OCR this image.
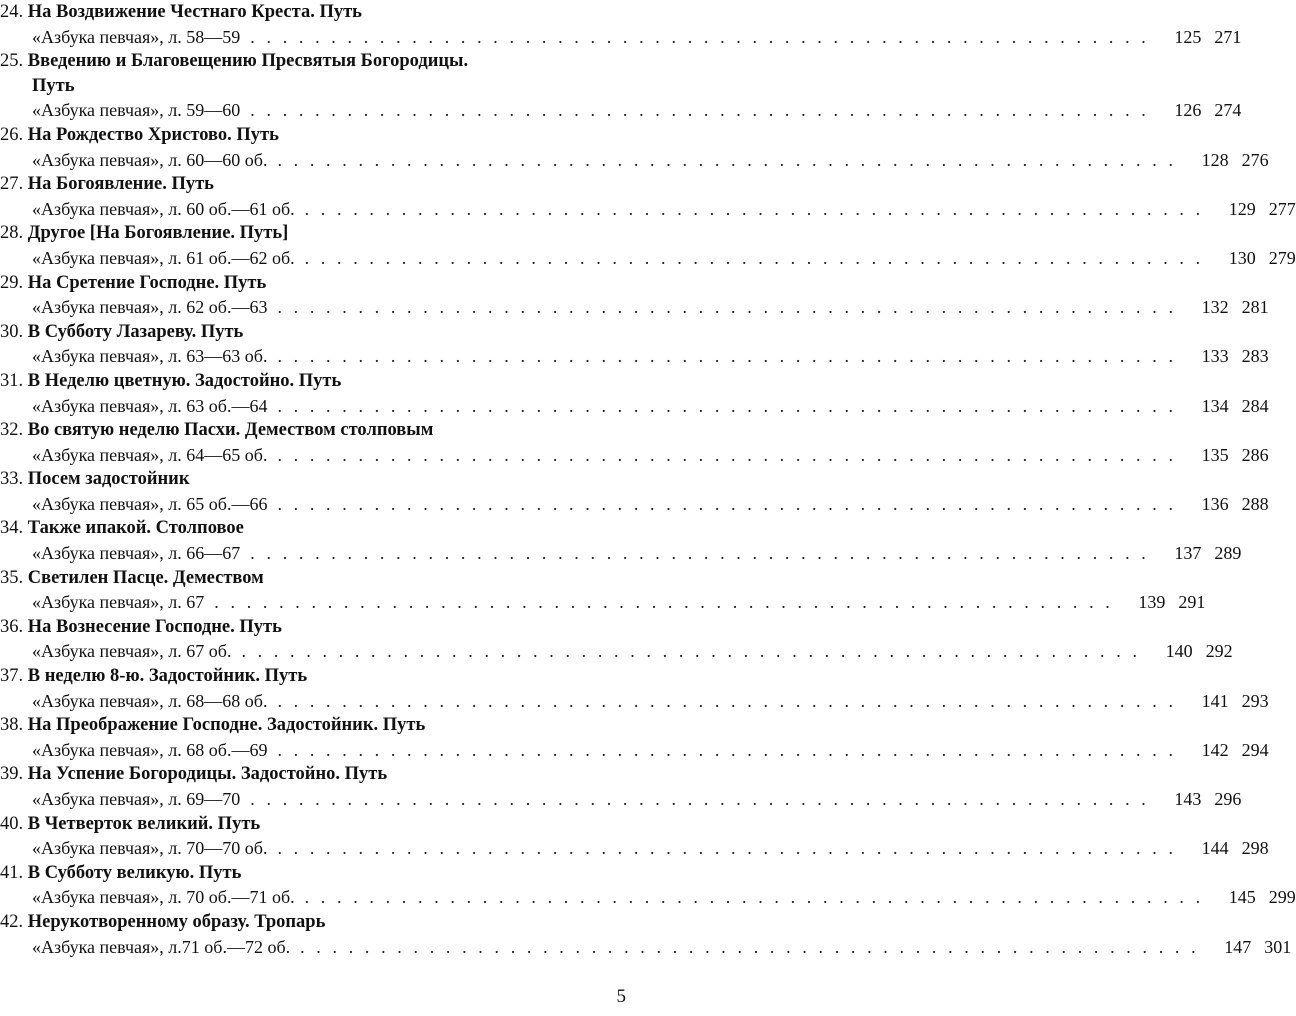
24.
На Воздвижение Честнаго Креста. Путь
«Азбука певчая», л. 58—59 . . . . . . . . . . . . . . . . . . . . . . . . . . . . . . . . . . . . . . . . . . . . . . . . . . . . . . . .	125 271
25.
Введению и Благовещению Пресвятыя Богородицы.
Путь
«Азбука певчая», л. 59—60 . . . . . . . . . . . . . . . . . . . . . . . . . . . . . . . . . . . . . . . . . . . . . . . . . . . . . . . .	126 274
26.
На Рождество Христово. Путь
«Азбука певчая», л. 60—60 об. . . . . . . . . . . . . . . . . . . . . . . . . . . . . . . . . . . . . . . . . . . . . . . . . . . . . . . . .	128 276
27.
На Богоявление. Путь
«Азбука певчая», л. 60 об.—61 об. . . . . . . . . . . . . . . . . . . . . . . . . . . . . . . . . . . . . . . . . . . . . . . . . . . . . . . . .	129 277
28.
Другое [На Богоявление. Путь]
«Азбука певчая», л. 61 об.—62 об. . . . . . . . . . . . . . . . . . . . . . . . . . . . . . . . . . . . . . . . . . . . . . . . . . . . . . . . .	130 279
29.
На Сретение Господне. Путь
«Азбука певчая», л. 62 об.—63 . . . . . . . . . . . . . . . . . . . . . . . . . . . . . . . . . . . . . . . . . . . . . . . . . . . . . . . .	132 281
30.
В Субботу Лазареву. Путь
«Азбука певчая», л. 63—63 об. . . . . . . . . . . . . . . . . . . . . . . . . . . . . . . . . . . . . . . . . . . . . . . . . . . . . . . . .	133 283
31.
В Неделю цветную. Задостойно. Путь
«Азбука певчая», л. 63 об.—64 . . . . . . . . . . . . . . . . . . . . . . . . . . . . . . . . . . . . . . . . . . . . . . . . . . . . . . . .	134 284
32.
Во святую неделю Пасхи. Демеством столповым
«Азбука певчая», л. 64—65 об. . . . . . . . . . . . . . . . . . . . . . . . . . . . . . . . . . . . . . . . . . . . . . . . . . . . . . . . .	135 286
33.
Посем задостойник
«Азбука певчая», л. 65 об.—66 . . . . . . . . . . . . . . . . . . . . . . . . . . . . . . . . . . . . . . . . . . . . . . . . . . . . . . . .	136 288
34.
Также ипакой. Столповое
«Азбука певчая», л. 66—67 . . . . . . . . . . . . . . . . . . . . . . . . . . . . . . . . . . . . . . . . . . . . . . . . . . . . . . . .	137 289
35.
Светилен Пасце. Демеством
«Азбука певчая», л. 67 . . . . . . . . . . . . . . . . . . . . . . . . . . . . . . . . . . . . . . . . . . . . . . . . . . . . . . . .	139 291
36.
На Вознесение Господне. Путь
«Азбука певчая», л. 67 об. . . . . . . . . . . . . . . . . . . . . . . . . . . . . . . . . . . . . . . . . . . . . . . . . . . . . . . . .	140 292
37.
В неделю 8-ю. Задостойник. Путь
«Азбука певчая», л. 68—68 об. . . . . . . . . . . . . . . . . . . . . . . . . . . . . . . . . . . . . . . . . . . . . . . . . . . . . . . . .	141 293
38.
На Преображение Господне. Задостойник. Путь
«Азбука певчая», л. 68 об.—69 . . . . . . . . . . . . . . . . . . . . . . . . . . . . . . . . . . . . . . . . . . . . . . . . . . . . . . . .	142 294
39.
На Успение Богородицы. Задостойно. Путь
«Азбука певчая», л. 69—70 . . . . . . . . . . . . . . . . . . . . . . . . . . . . . . . . . . . . . . . . . . . . . . . . . . . . . . . .	143 296
40.
В Четверток великий. Путь
«Азбука певчая», л. 70—70 об. . . . . . . . . . . . . . . . . . . . . . . . . . . . . . . . . . . . . . . . . . . . . . . . . . . . . . . . .	144 298
41.
В Субботу великую. Путь
«Азбука певчая», л. 70 об.—71 об. . . . . . . . . . . . . . . . . . . . . . . . . . . . . . . . . . . . . . . . . . . . . . . . . . . . . . . . .	145 299
42.
Нерукотворенному образу. Тропарь
«Азбука певчая», л.71 об.—72 об. . . . . . . . . . . . . . . . . . . . . . . . . . . . . . . . . . . . . . . . . . . . . . . . . . . . . . . . .	147 301
5
